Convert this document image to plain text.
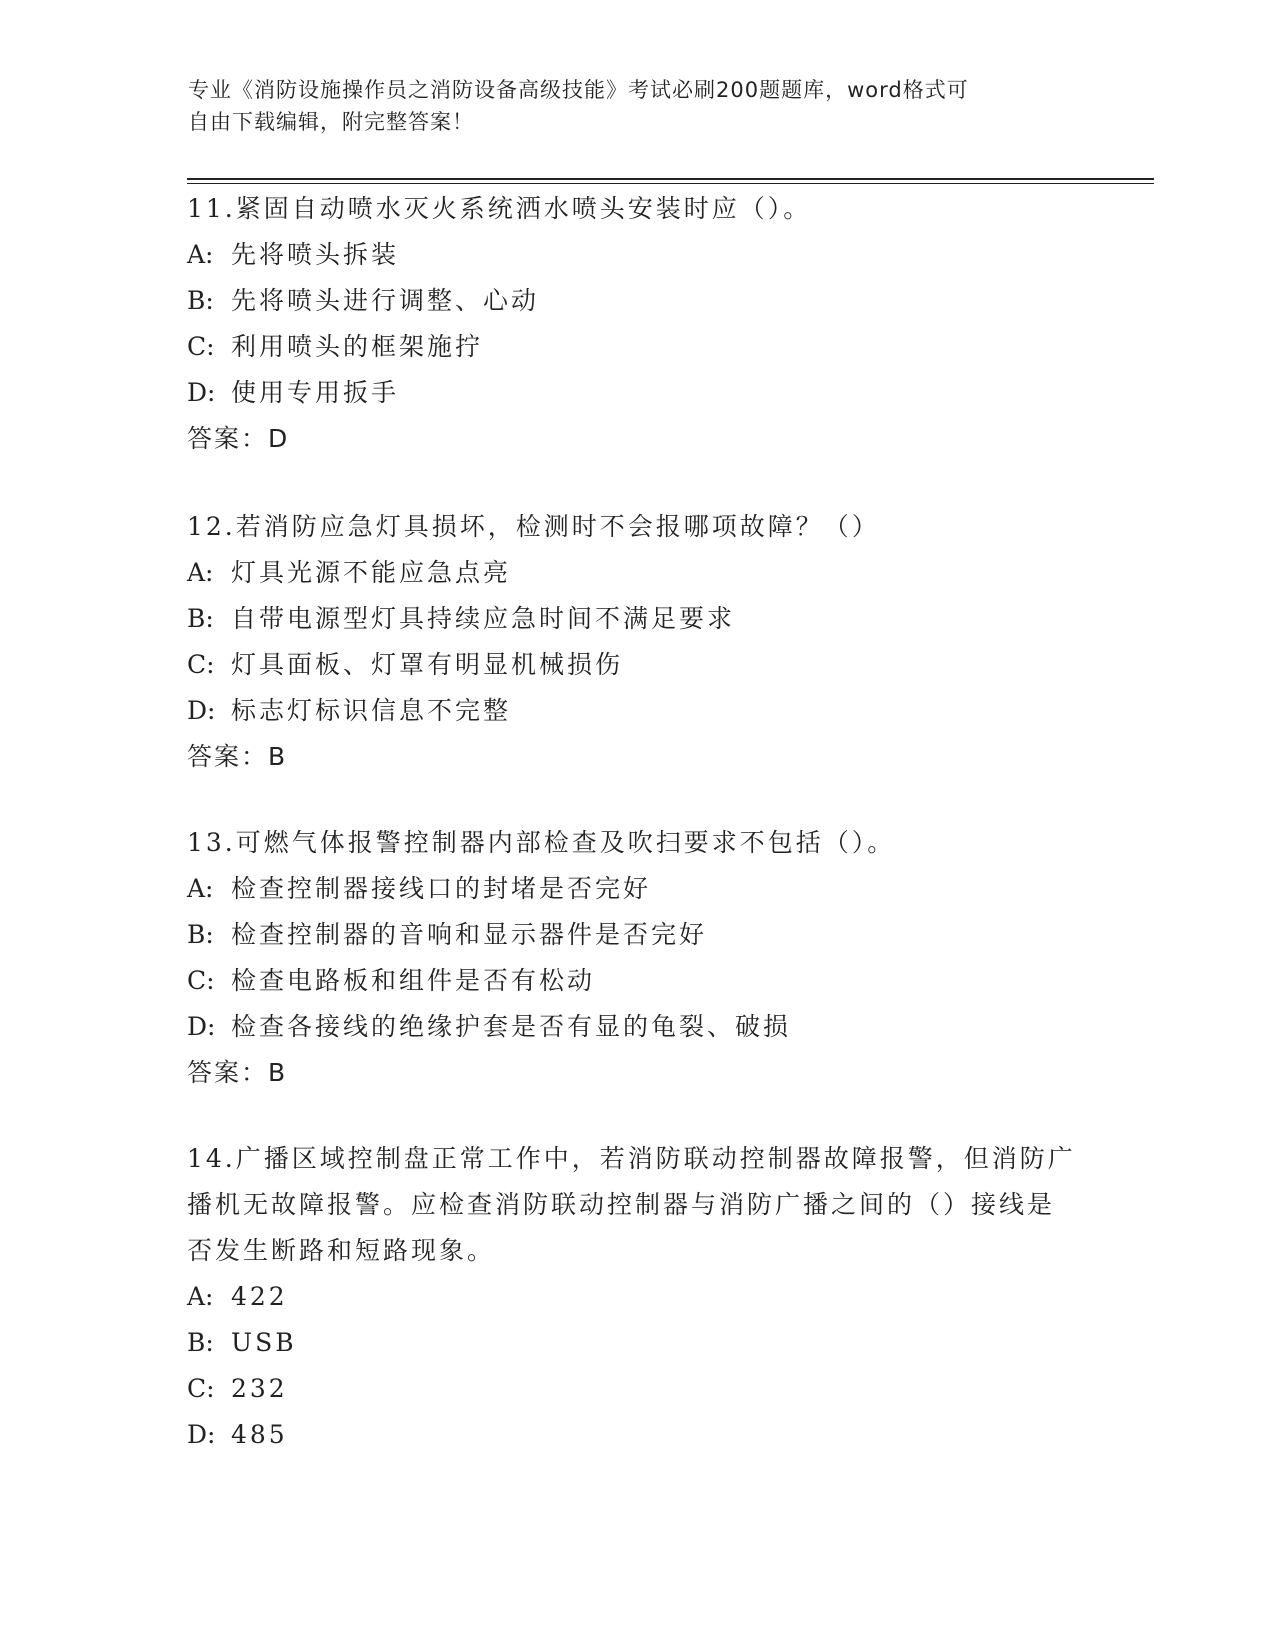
专业《消防设施操作员之消防设备高级技能》考试必刷200题题库，word格式可
自由下载编辑，附完整答案！

11.紧固自动喷水灭火系统洒水喷头安装时应（）。

A: 先将喷头拆装

B: 先将喷头进行调整、心动

C: 利用喷头的框架施拧

D: 使用专用扳手

答案：D

12.若消防应急灯具损坏，检测时不会报哪项故障？（）

A: 灯具光源不能应急点亮

B: 自带电源型灯具持续应急时间不满足要求

C: 灯具面板、灯罩有明显机械损伤

D: 标志灯标识信息不完整

答案：B

13.可燃气体报警控制器内部检查及吹扫要求不包括（）。

A: 检查控制器接线口的封堵是否完好

B: 检查控制器的音响和显示器件是否完好

C: 检查电路板和组件是否有松动

D: 检查各接线的绝缘护套是否有显的龟裂、破损

答案：B

14.广播区域控制盘正常工作中，若消防联动控制器故障报警，但消防广播机无故障报警。应检查消防联动控制器与消防广播之间的（）接线是否发生断路和短路现象。

A: 422

B: USB

C: 232

D: 485
